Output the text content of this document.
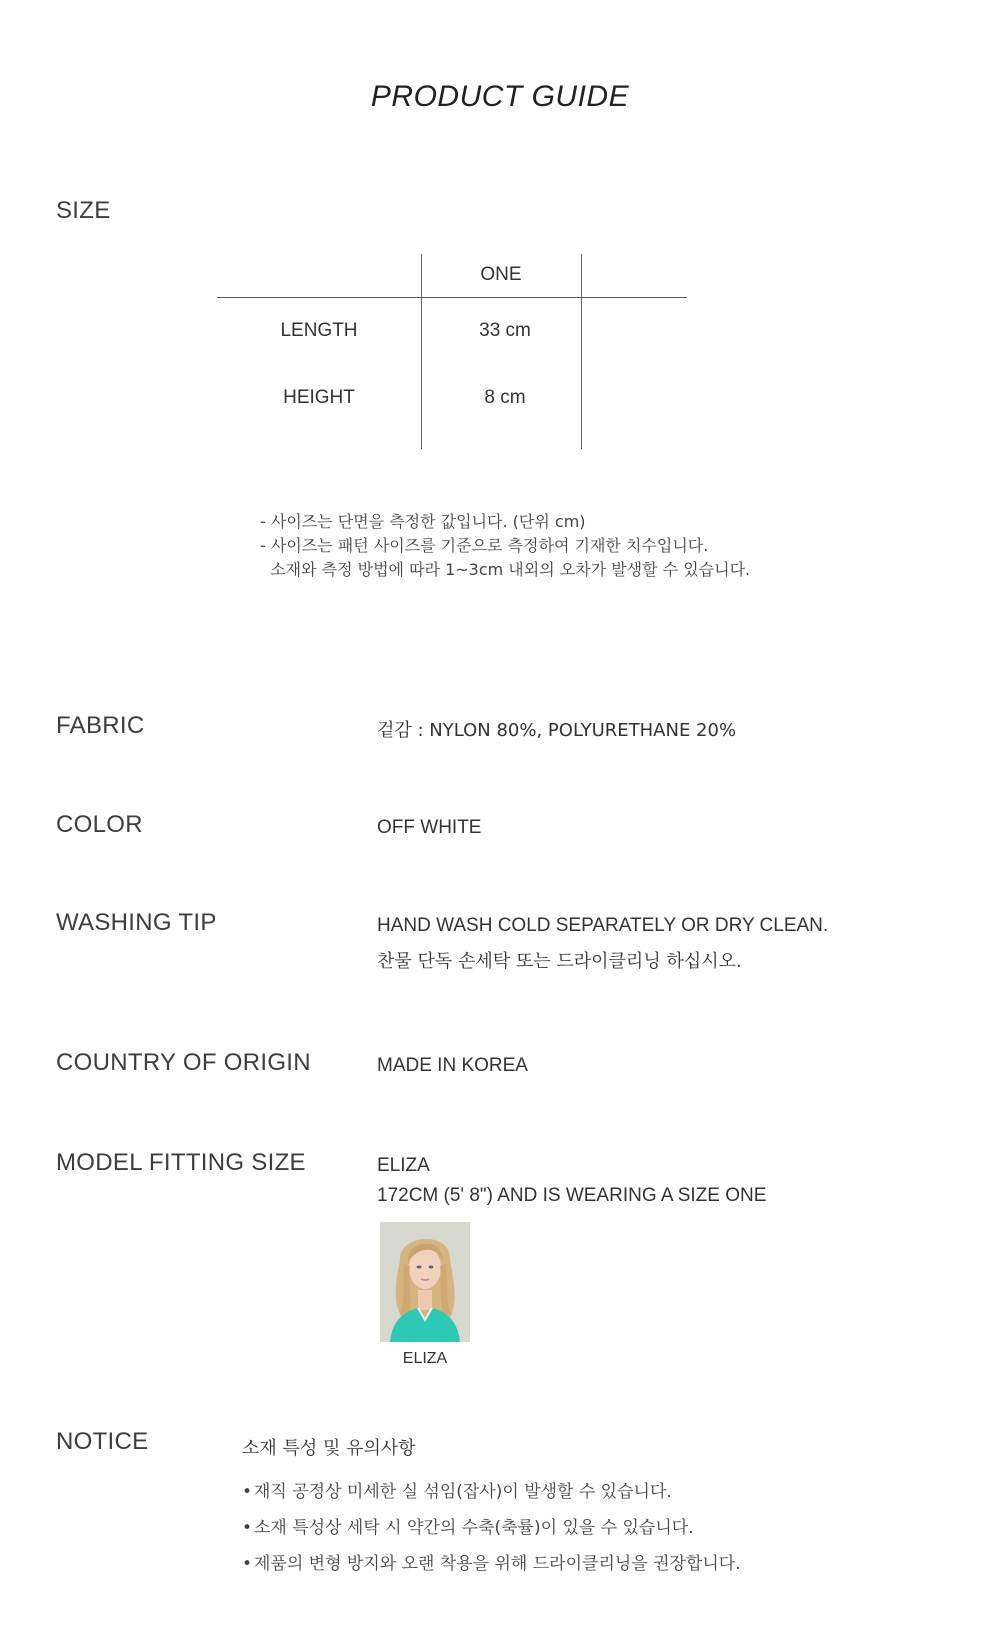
PRODUCT GUIDE
SIZE
ONE
LENGTH	33 cm
HEIGHT	8 cm
- 사이즈는 단면을 측정한 값입니다. (단위 cm)
- 사이즈는 패턴 사이즈를 기준으로 측정하여 기재한 치수입니다.
소재와 측정 방법에 따라 1~3cm 내외의 오차가 발생할 수 있습니다.
FABRIC	겉감 : NYLON 80%, POLYURETHANE 20%
COLOR	OFF WHITE
WASHING TIP	HAND WASH COLD SEPARATELY OR DRY CLEAN.
찬물 단독 손세탁 또는 드라이클리닝 하십시오.
COUNTRY OF ORIGIN	MADE IN KOREA
MODEL FITTING SIZE	ELIZA
172CM (5' 8") AND IS WEARING A SIZE ONE
ELIZA
NOTICE	소재 특성 및 유의사항
• 재직 공정상 미세한 실 섞임(잡사)이 발생할 수 있습니다.
• 소재 특성상 세탁 시 약간의 수축(축률)이 있을 수 있습니다.
• 제품의 변형 방지와 오랜 착용을 위해 드라이클리닝을 권장합니다.
